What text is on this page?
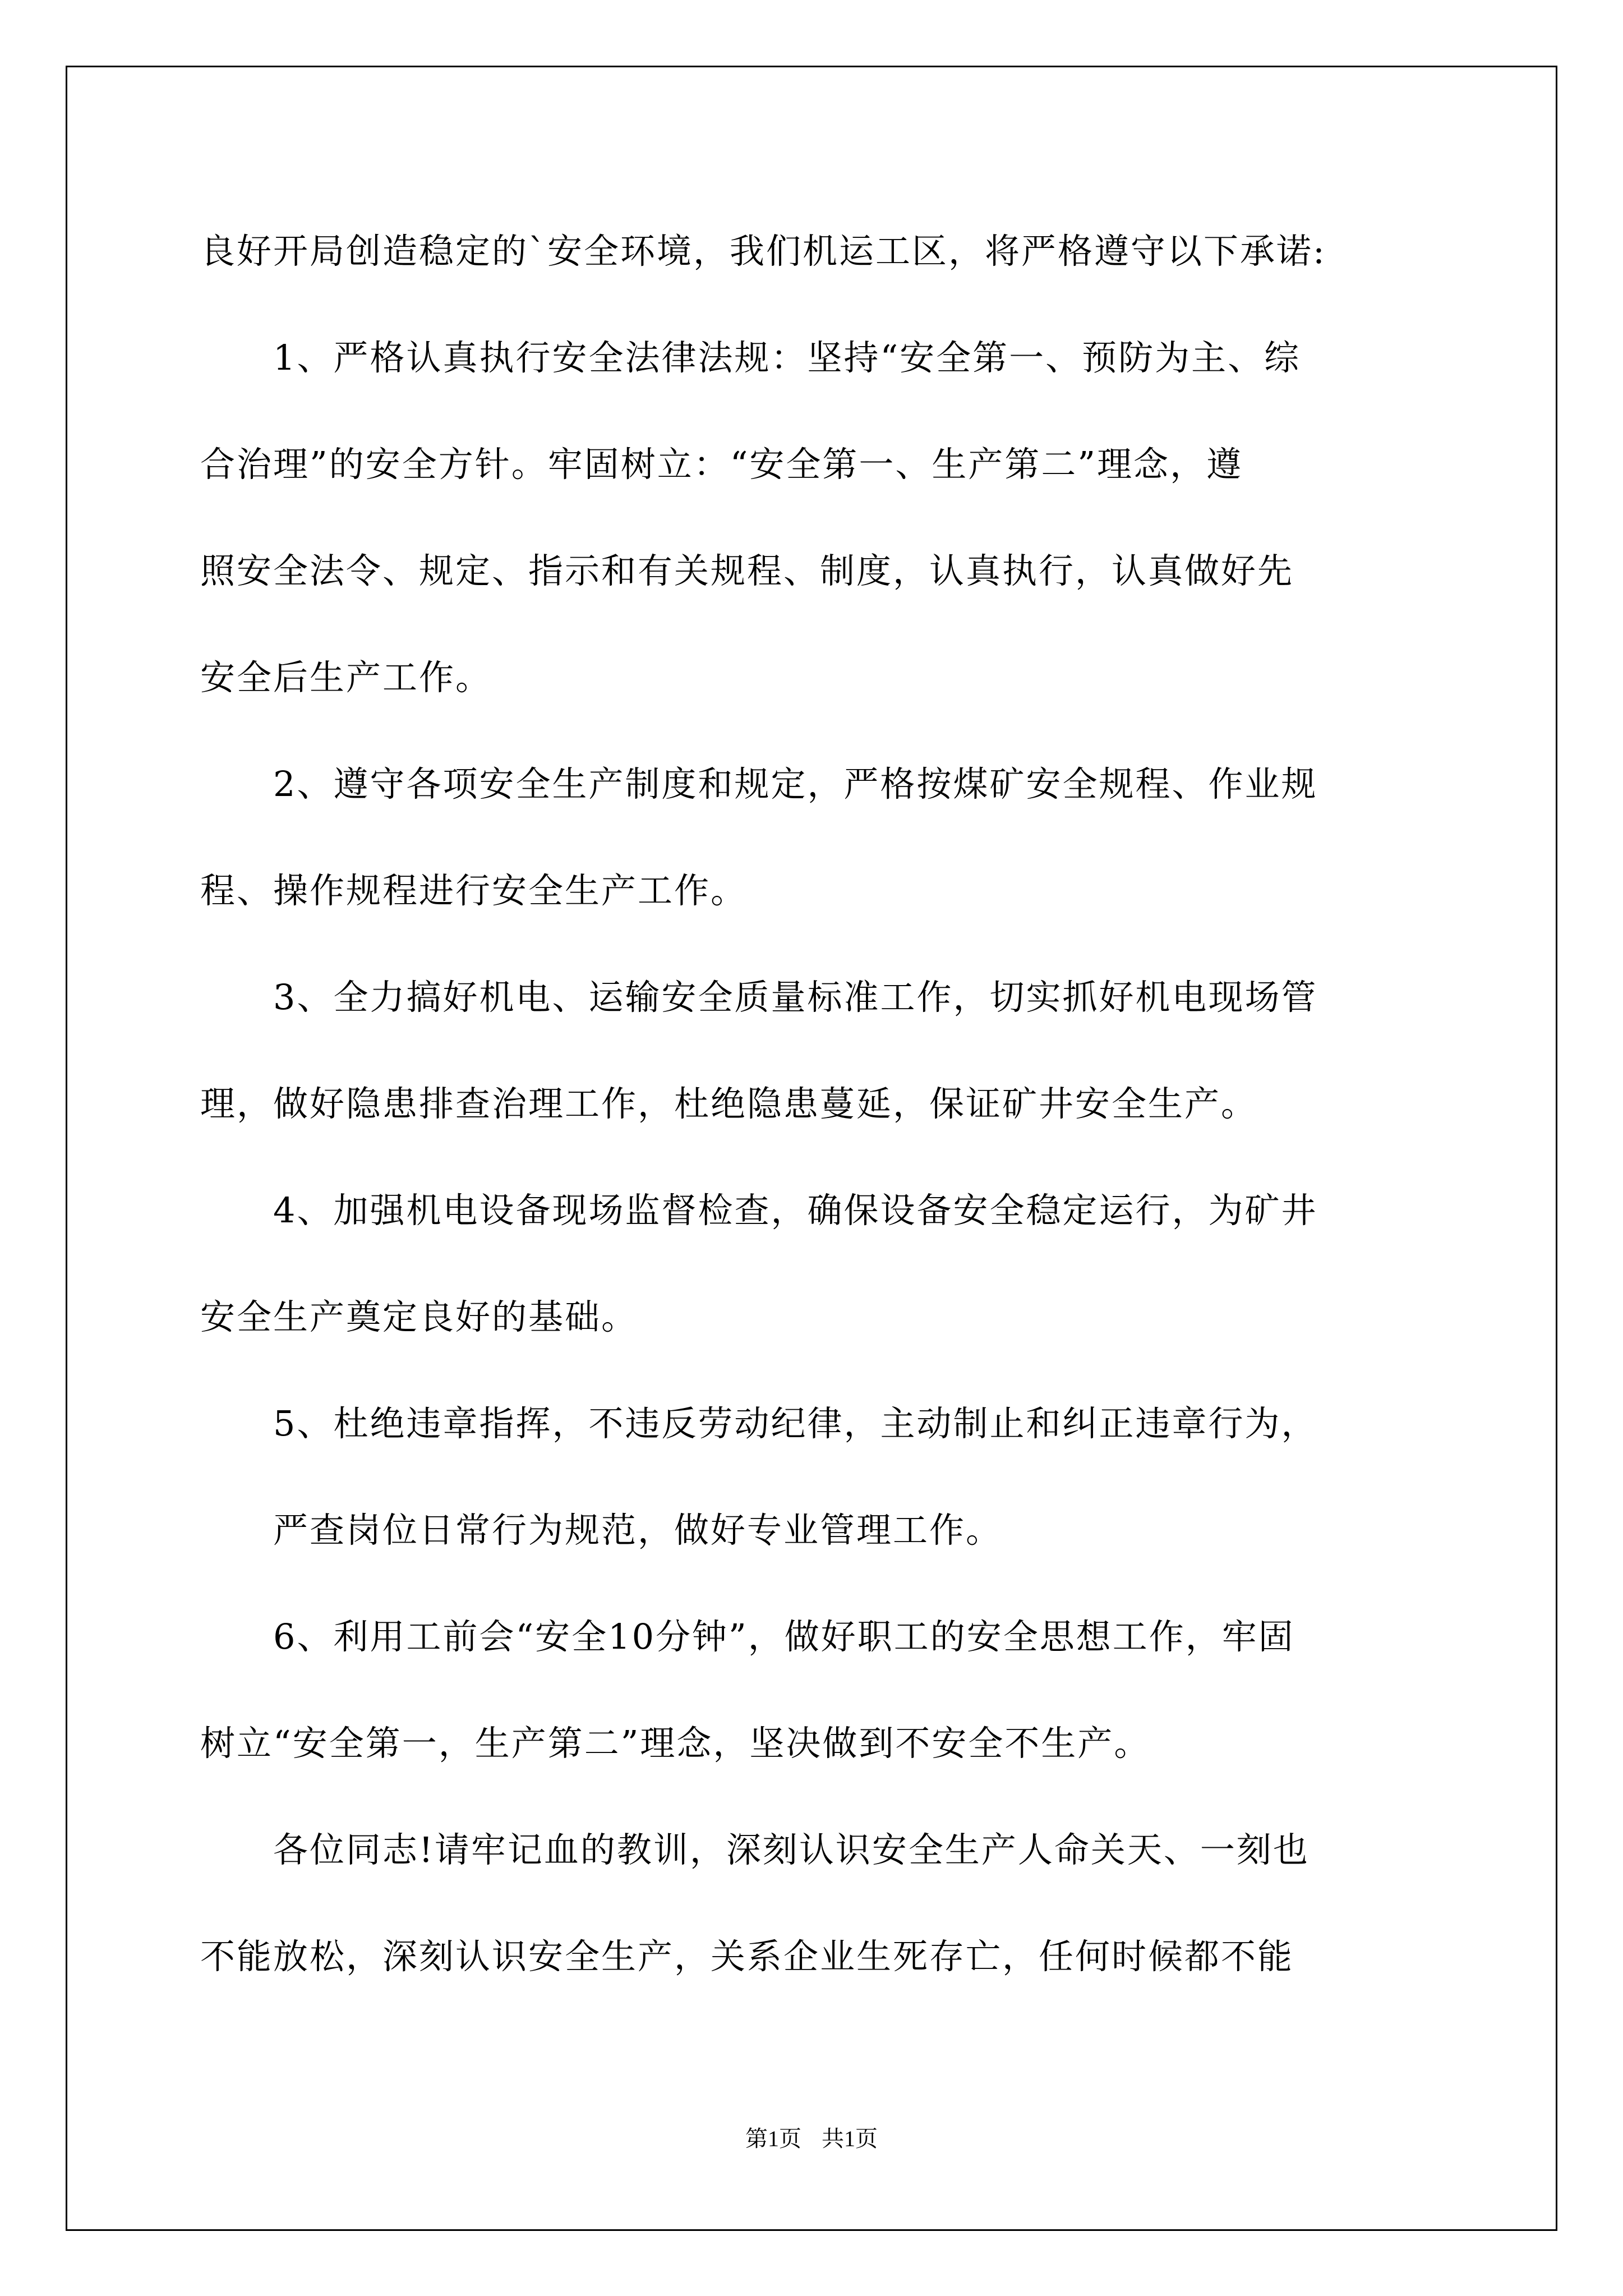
良好开局创造稳定的`安全环境，我们机运工区，将严格遵守以下承诺:
1、严格认真执行安全法律法规：坚持“安全第一、预防为主、综
合治理”的安全方针。牢固树立：“安全第一、生产第二”理念，遵
照安全法令、规定、指示和有关规程、制度，认真执行，认真做好先
安全后生产工作。
2、遵守各项安全生产制度和规定，严格按煤矿安全规程、作业规
程、操作规程进行安全生产工作。
3、全力搞好机电、运输安全质量标准工作，切实抓好机电现场管
理，做好隐患排查治理工作，杜绝隐患蔓延，保证矿井安全生产。
4、加强机电设备现场监督检查，确保设备安全稳定运行，为矿井
安全生产奠定良好的基础。
5、杜绝违章指挥，不违反劳动纪律，主动制止和纠正违章行为，
严查岗位日常行为规范，做好专业管理工作。
6、利用工前会“安全10分钟”，做好职工的安全思想工作，牢固
树立“安全第一，生产第二”理念，坚决做到不安全不生产。
各位同志!请牢记血的教训，深刻认识安全生产人命关天、一刻也
不能放松，深刻认识安全生产，关系企业生死存亡，任何时候都不能
第1页 共1页
